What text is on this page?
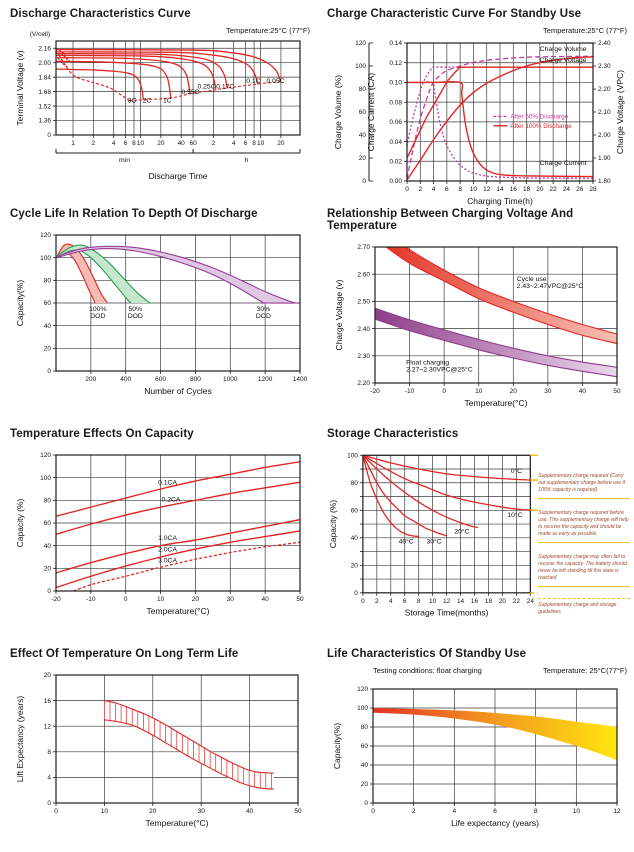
Discharge Characteristics Curve
1	2	4 6 8 10 20 40 60 2	4 6 8 10 20
0
1.36
1.52
1.68
1.84
2.00
2.16
Terminal Voltage (v)
(V/cell)
Discharge Time
min	h
Temperature:25°C (77°F)
3C 2C 1C
0.55C
0.25C 0.17C
0.1C 0.05C
Charge Characteristic Curve For Standby Use
0 2 4 6 8 10 12 14 16 18 20 22 24 26 28
0.00
0.02
0.04
0.06
0.08
0.10
0.12
0.14
0
20
40
60
80
100
120
Charge Volume (%)
1.80
1.90
2.00
2.10
2.20
2.30
2.40
Charge Voltage (VPC)
Charge Current (CA)
Charging Time(h)
Temperature:25°C (77°F)
Charge Volume
Charge Voltage
Charge Current
After 50% Discharge
After 100% Discharge
Cycle Life In Relation To Depth Of Discharge
200	400	600	800	1000	1200	1400
0
20
40
60
80
100
120
Capacity(%)
Number of Cycles
100%
DOD
50%
DOD
30%
DOD
Relationship Between Charging Voltage And Temperature
-20	-10	0	10	20	30	40	50
2.20
2.30
2.40
2.50
2.60
2.70
Charge Voltage (v)
Temperature(°C)
Cycle use
2.43~2.47VPC@25°C
Float charging
2.27~2.30VPC@25°C
Temperature Effects On Capacity
-20	-10	0	10	20	30	40	50
0
20
40
60
80
100
120
Capacity (%)
Temperature(°C)
0.1CA
0.2CA
1.0CA
2.0CA
3.0CA
Storage Characteristics
0 2 4 6 8 10 12 14 16 18 20 22 24
0
20
40
60
80
100
Capacity (%)
Storage Time(months)
40°C 30°C
20°C
10°C
0°C
Supplementary charge required (Carry out supplementary charge before use if 100% capacity is required)
Supplementary charge required before use. This supplementary charge will help to recover the capacity and should be made as early as possible.
Supplementary charge may often fail to recover the capacity. The battery should never be left standing till this state is reached
Supplementary charge and storage guidelines
Effect Of Temperature On Long Term Life
0	10	20	30	40	50
0
4
8
12
16
20
Lift Expectancy (years)
Temperature(°C)
Life Characteristics Of Standby Use
0	2	4	6	8	10	12
0
20
40
60
80
100
120
Capacity(%)
Life expectancy (years)
Testing conditions: float charging	Temperature: 25°C(77°F)
